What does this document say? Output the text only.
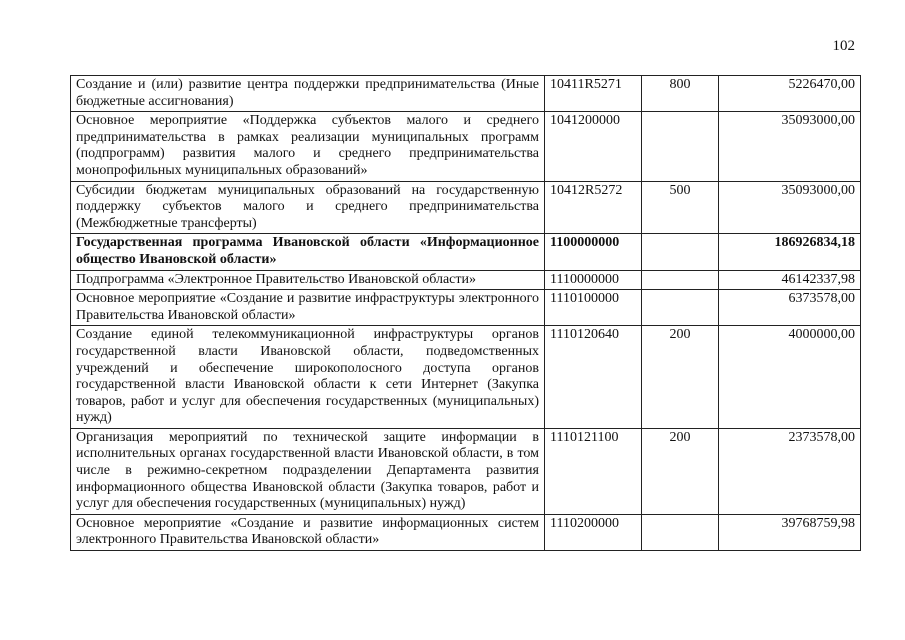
102
Создание и (или) развитие центра поддержки предпринимательства (Иные бюджетные ассигнования)	10411R5271	800	5226470,00
Основное мероприятие «Поддержка субъектов малого и среднего предпринимательства в рамках реализации муниципальных программ (подпрограмм) развития малого и среднего предпринимательства монопрофильных муниципальных образований»	1041200000		35093000,00
Субсидии бюджетам муниципальных образований на государственную поддержку субъектов малого и среднего предпринимательства (Межбюджетные трансферты)	10412R5272	500	35093000,00
Государственная программа Ивановской области «Информационное общество Ивановской области»	1100000000		186926834,18
Подпрограмма «Электронное Правительство Ивановской области»	1110000000		46142337,98
Основное мероприятие «Создание и развитие инфраструктуры электронного Правительства Ивановской области»	1110100000		6373578,00
Создание единой телекоммуникационной инфраструктуры органов государственной власти Ивановской области, подведомственных учреждений и обеспечение широкополосного доступа органов государственной власти Ивановской области к сети Интернет (Закупка товаров, работ и услуг для обеспечения государственных (муниципальных) нужд)	1110120640	200	4000000,00
Организация мероприятий по технической защите информации в исполнительных органах государственной власти Ивановской области, в том числе в режимно-секретном подразделении Департамента развития информационного общества Ивановской области (Закупка товаров, работ и услуг для обеспечения государственных (муниципальных) нужд)	1110121100	200	2373578,00
Основное мероприятие «Создание и развитие информационных систем электронного Правительства Ивановской области»	1110200000		39768759,98
